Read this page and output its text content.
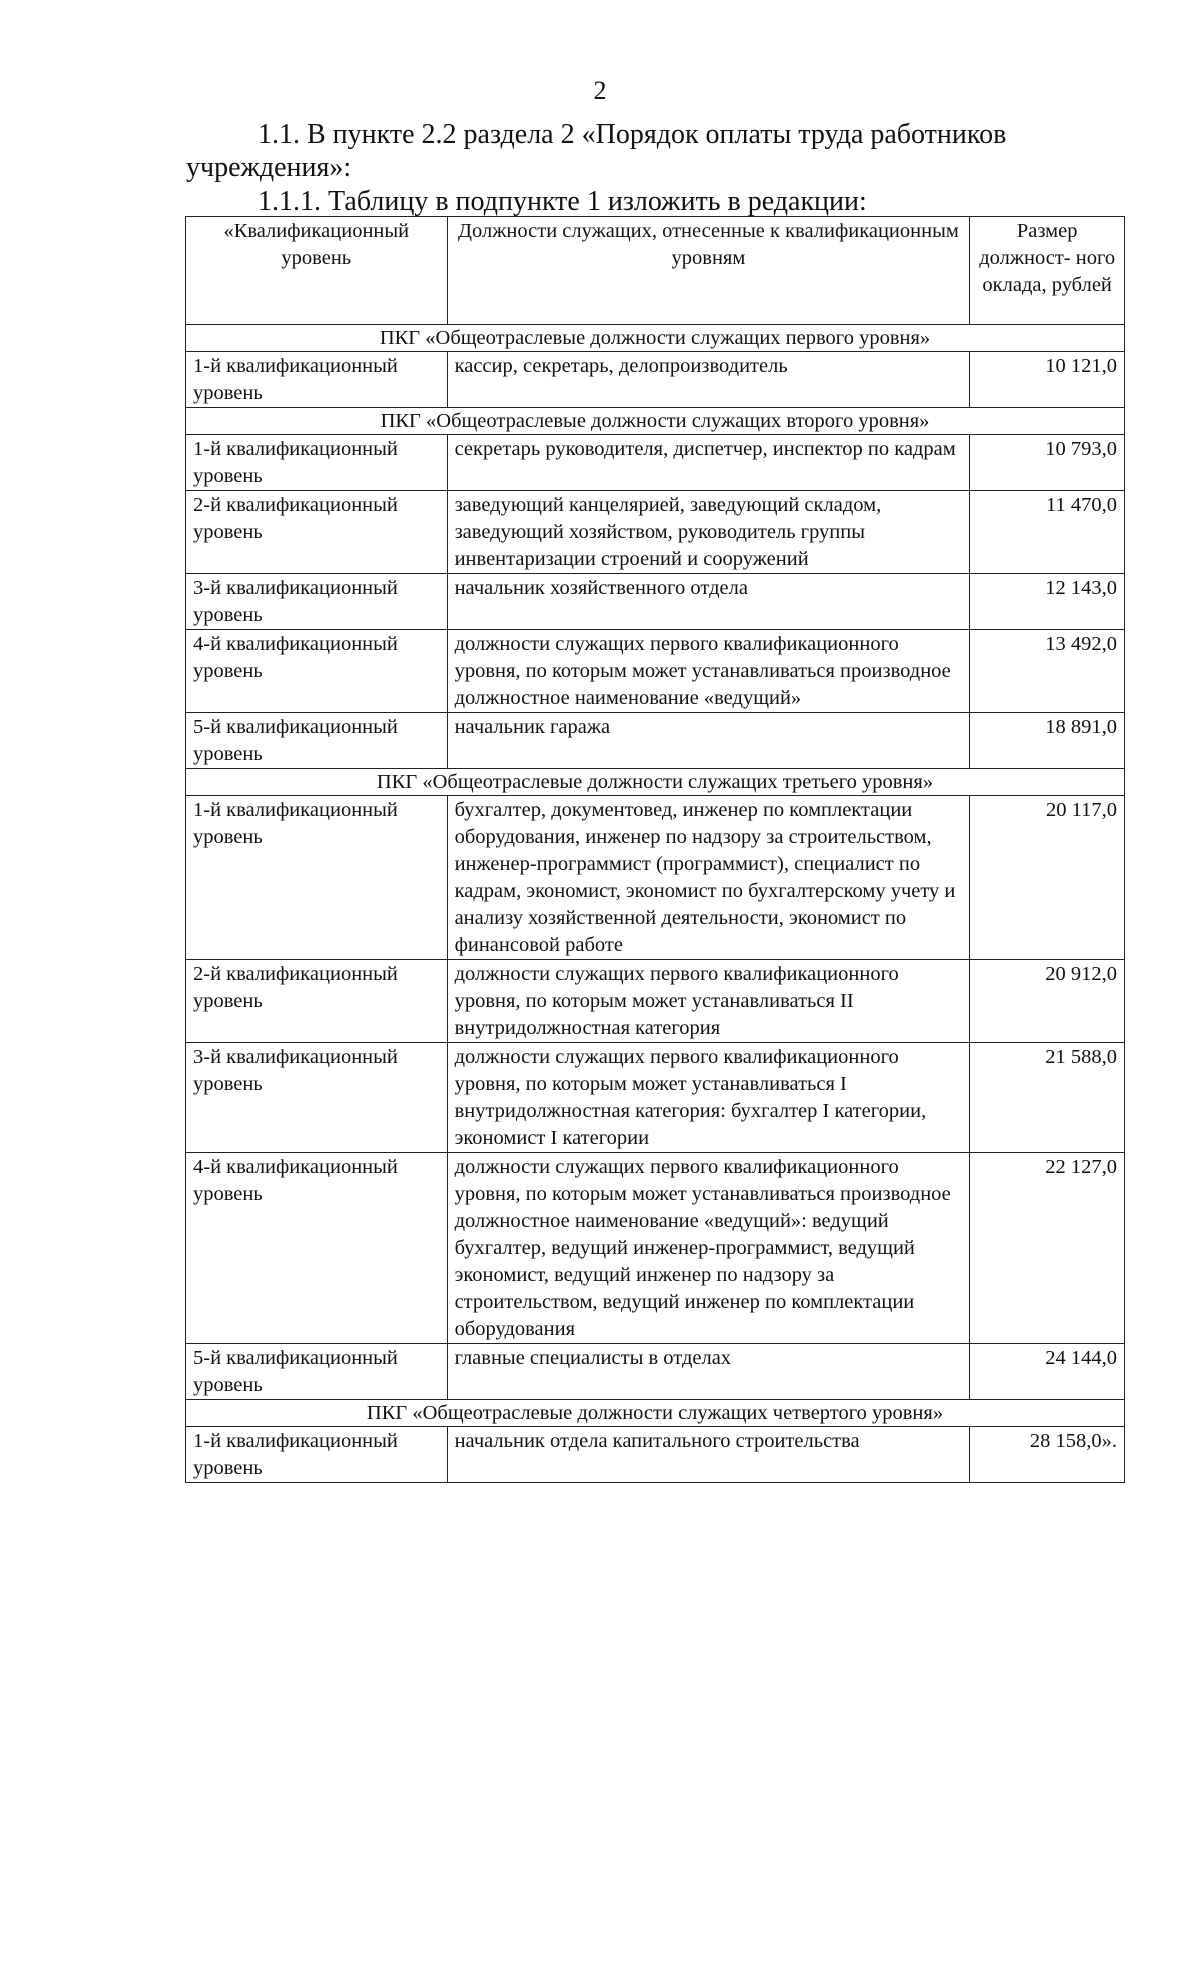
2
1.1. В пункте 2.2 раздела 2 «Порядок оплаты труда работников учреждения»:
1.1.1. Таблицу в подпункте 1 изложить в редакции:
«Квалификационный уровень	Должности служащих, отнесенные к квалификационным уровням	Размер должност- ного оклада, рублей
ПКГ «Общеотраслевые должности служащих первого уровня»		
1-й квалификационный уровень	кассир, секретарь, делопроизводитель	10 121,0
ПКГ «Общеотраслевые должности служащих второго уровня»		
1-й квалификационный уровень	секретарь руководителя, диспетчер, инспектор по кадрам	10 793,0
2-й квалификационный уровень	заведующий канцелярией, заведующий складом, заведующий хозяйством, руководитель группы инвентаризации строений и сооружений	11 470,0
3-й квалификационный уровень	начальник хозяйственного отдела	12 143,0
4-й квалификационный уровень	должности служащих первого квалификационного уровня, по которым может устанавливаться производное должностное наименование «ведущий»	13 492,0
5-й квалификационный уровень	начальник гаража	18 891,0
ПКГ «Общеотраслевые должности служащих третьего уровня»		
1-й квалификационный уровень	бухгалтер, документовед, инженер по комплектации оборудования, инженер по надзору за строительством, инженер-программист (программист), специалист по кадрам, экономист, экономист по бухгалтерскому учету и анализу хозяйственной деятельности, экономист по финансовой работе	20 117,0
2-й квалификационный уровень	должности служащих первого квалификационного уровня, по которым может устанавливаться II внутридолжностная категория	20 912,0
3-й квалификационный уровень	должности служащих первого квалификационного уровня, по которым может устанавливаться I внутридолжностная категория: бухгалтер I категории, экономист I категории	21 588,0
4-й квалификационный уровень	должности служащих первого квалификационного уровня, по которым может устанавливаться производное должностное наименование «ведущий»: ведущий бухгалтер, ведущий инженер-программист, ведущий экономист, ведущий инженер по надзору за строительством, ведущий инженер по комплектации оборудования	22 127,0
5-й квалификационный уровень	главные специалисты в отделах	24 144,0
ПКГ «Общеотраслевые должности служащих четвертого уровня»		
1-й квалификационный уровень	начальник отдела капитального строительства	28 158,0».
